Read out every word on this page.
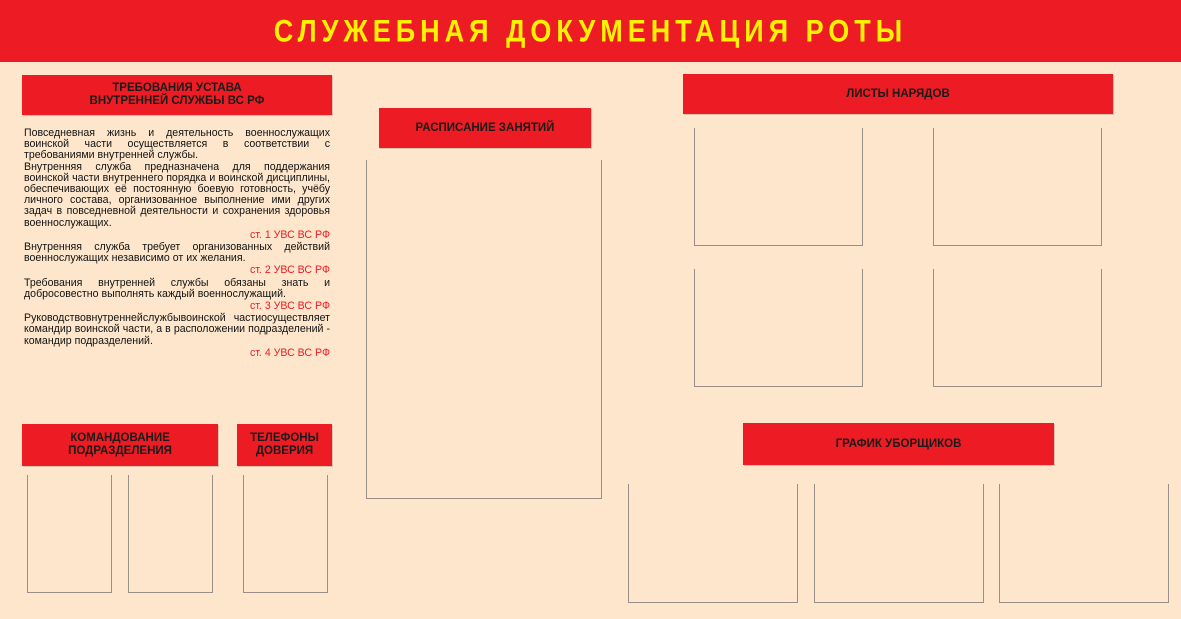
СЛУЖЕБНАЯ ДОКУМЕНТАЦИЯ РОТЫ
ТРЕБОВАНИЯ УСТАВА
ВНУТРЕННЕЙ СЛУЖБЫ ВС РФ

Повседневная жизнь и деятельность военнослужащих воинской части осуществляется в соответствии с требованиями внутренней службы.

Внутренняя служба предназначена для поддержания воинской части внутреннего порядка и воинской дисциплины, обеспечивающих её постоянную боевую готовность, учёбу личного состава, организованное выполнение ими других задач в повседневной деятельности и сохранения здоровья военнослужащих.

ст. 1 УВС ВС РФ

Внутренняя служба требует организованных действий военнослужащих независимо от их желания.

ст. 2 УВС ВС РФ

Требования внутренней службы обязаны знать и добросовестно выполнять каждый военнослужащий.

ст. 3 УВС ВС РФ

Руководствовнутреннейслужбывоинской частиосуществляет командир воинской части, а в расположении подразделений - командир подразделений.

ст. 4 УВС ВС РФ

КОМАНДОВАНИЕ
ПОДРАЗДЕЛЕНИЯ
ТЕЛЕФОНЫ
ДОВЕРИЯ
РАСПИСАНИЕ ЗАНЯТИЙ
ЛИСТЫ НАРЯДОВ
ГРАФИК УБОРЩИКОВ
